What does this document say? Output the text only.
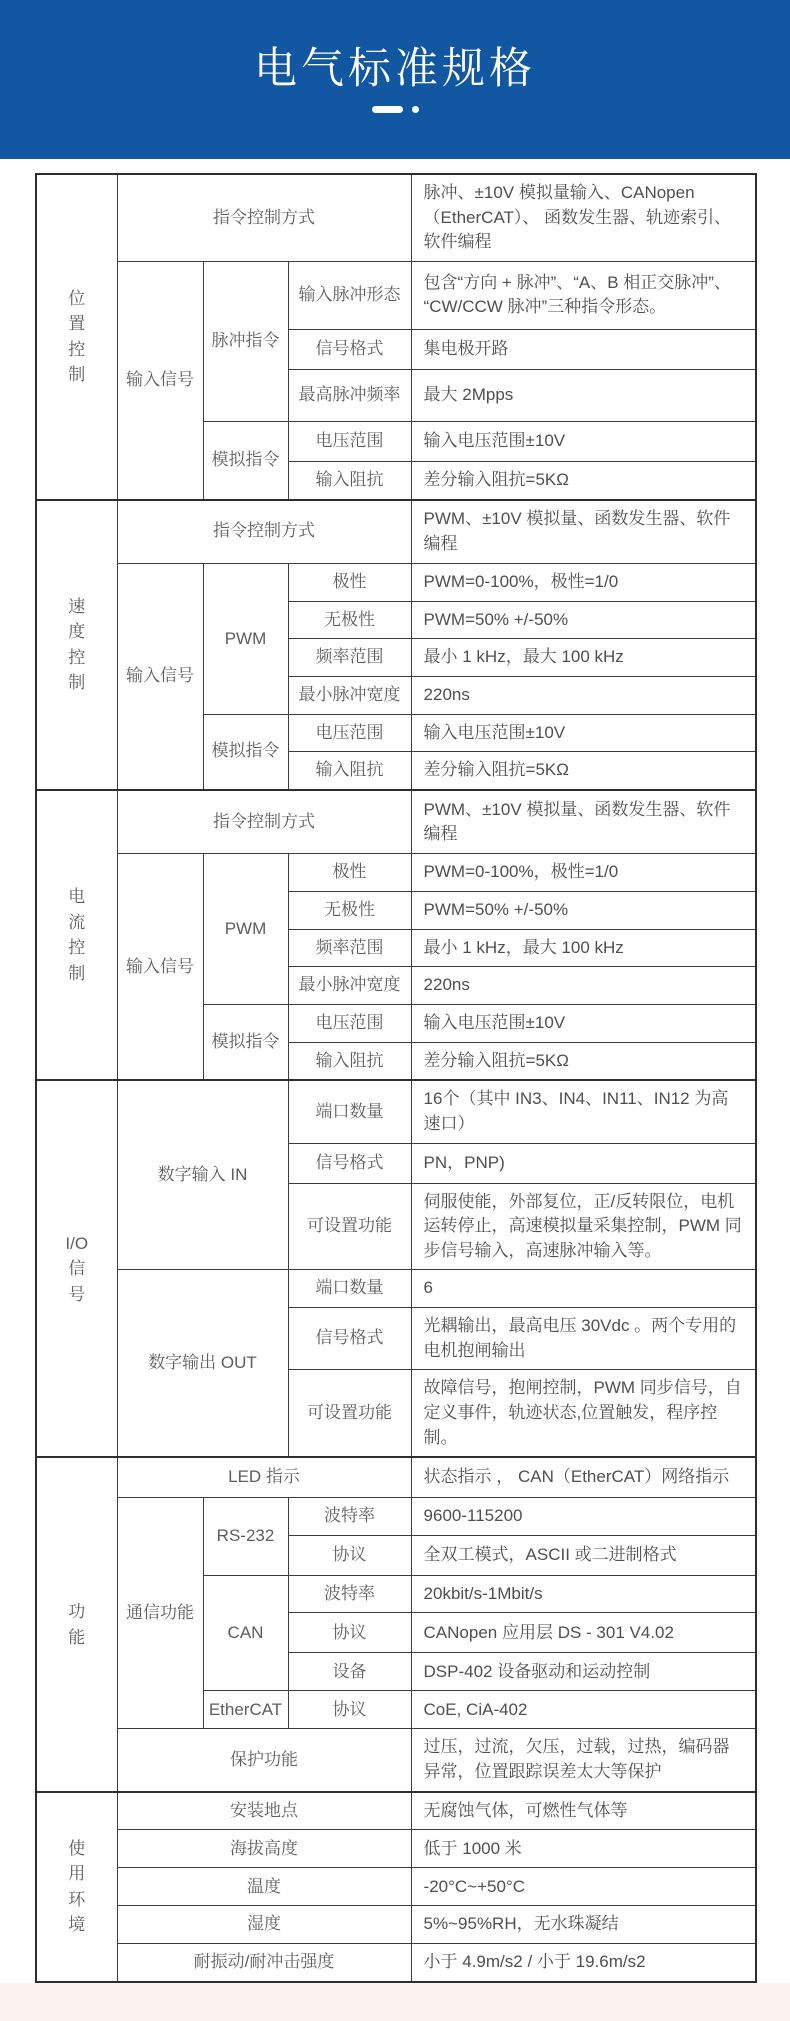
电气标准规格
位
置
控
制	指令控制方式			脉冲、±10V 模拟量输入、CANopen（EtherCAT）、 函数发生器、轨迹索引、软件编程
	输入信号	脉冲指令	输入脉冲形态	包含“方向 + 脉冲”、“A、B 相正交脉冲”、“CW/CCW 脉冲”三种指令形态。
			信号格式	集电极开路
			最高脉冲频率	最大 2Mpps
		模拟指令	电压范围	输入电压范围±10V
			输入阻抗	差分输入阻抗=5KΩ

速
度
控
制	指令控制方式			PWM、±10V 模拟量、函数发生器、软件编程
	输入信号	PWM	极性	PWM=0-100%，极性=1/0
			无极性	PWM=50% +/-50%
			频率范围	最小 1 kHz，最大 100 kHz
			最小脉冲宽度	220ns
		模拟指令	电压范围	输入电压范围±10V
			输入阻抗	差分输入阻抗=5KΩ

电
流
控
制	指令控制方式			PWM、±10V 模拟量、函数发生器、软件编程
	输入信号	PWM	极性	PWM=0-100%，极性=1/0
			无极性	PWM=50% +/-50%
			频率范围	最小 1 kHz，最大 100 kHz
			最小脉冲宽度	220ns
		模拟指令	电压范围	输入电压范围±10V
			输入阻抗	差分输入阻抗=5KΩ

I/O
信
号	数字输入 IN		端口数量	16个（其中 IN3、IN4、IN11、IN12 为高速口）
			信号格式	PN，PNP)
			可设置功能	伺服使能，外部复位，正/反转限位，电机运转停止，高速模拟量采集控制，PWM 同步信号输入，高速脉冲输入等。
	数字输出 OUT		端口数量	6
			信号格式	光耦输出，最高电压 30Vdc 。两个专用的电机抱闸输出
			可设置功能	故障信号，抱闸控制，PWM 同步信号，自定义事件，轨迹状态,位置触发，程序控制。

功
能	LED 指示			状态指示 ， CAN（EtherCAT）网络指示
	通信功能	RS-232	波特率	9600-115200
			协议	全双工模式，ASCII 或二进制格式
		CAN	波特率	20kbit/s-1Mbit/s
			协议	CANopen 应用层 DS - 301 V4.02
			设备	DSP-402 设备驱动和运动控制
		EtherCAT	协议	CoE, CiA-402
	保护功能			过压，过流，欠压，过载，过热，编码器异常，位置跟踪误差太大等保护

使
用
环
境	安装地点			无腐蚀气体，可燃性气体等
	海拔高度			低于 1000 米
	温度			-20°C~+50°C
	湿度			5%~95%RH，无水珠凝结
	耐振动/耐冲击强度			小于 4.9m/s2 / 小于 19.6m/s2
